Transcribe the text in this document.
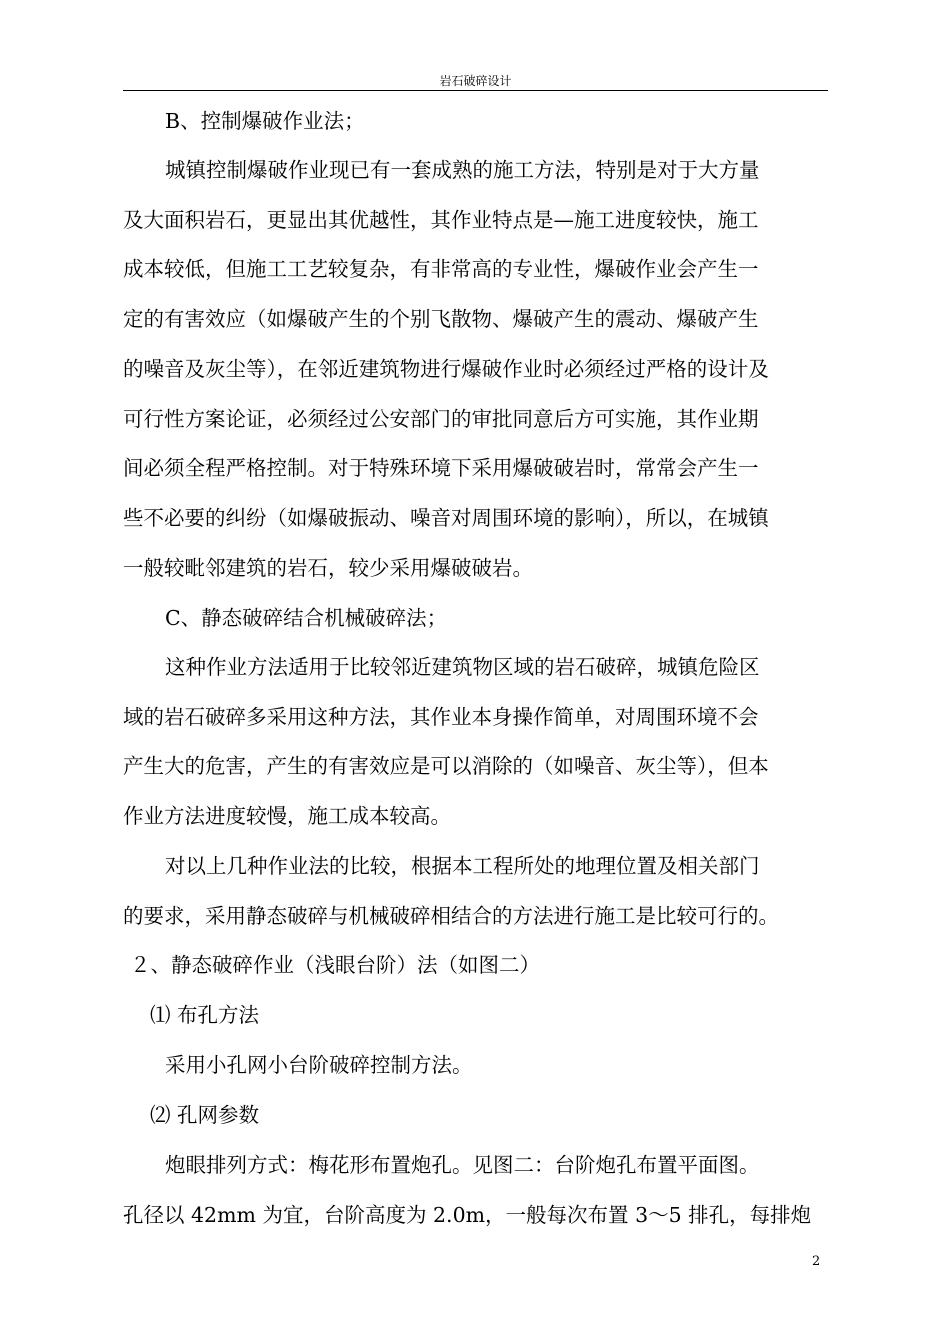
岩石破碎设计
B、控制爆破作业法；
城镇控制爆破作业现已有一套成熟的施工方法，特别是对于大方量
及大面积岩石，更显出其优越性，其作业特点是—施工进度较快，施工
成本较低，但施工工艺较复杂，有非常高的专业性，爆破作业会产生一
定的有害效应（如爆破产生的个别飞散物、爆破产生的震动、爆破产生
的噪音及灰尘等），在邻近建筑物进行爆破作业时必须经过严格的设计及
可行性方案论证，必须经过公安部门的审批同意后方可实施，其作业期
间必须全程严格控制。对于特殊环境下采用爆破破岩时，常常会产生一
些不必要的纠纷（如爆破振动、噪音对周围环境的影响），所以，在城镇
一般较毗邻建筑的岩石，较少采用爆破破岩。
C、静态破碎结合机械破碎法；
这种作业方法适用于比较邻近建筑物区域的岩石破碎，城镇危险区
域的岩石破碎多采用这种方法，其作业本身操作简单，对周围环境不会
产生大的危害，产生的有害效应是可以消除的（如噪音、灰尘等），但本
作业方法进度较慢，施工成本较高。
对以上几种作业法的比较，根据本工程所处的地理位置及相关部门
的要求，采用静态破碎与机械破碎相结合的方法进行施工是比较可行的。
２、静态破碎作业（浅眼台阶）法（如图二）
⑴ 布孔方法
采用小孔网小台阶破碎控制方法。
⑵ 孔网参数
炮眼排列方式：梅花形布置炮孔。见图二：台阶炮孔布置平面图。
孔径以 42mm 为宜，台阶高度为 2.0m，一般每次布置 3～5 排孔，每排炮
2
